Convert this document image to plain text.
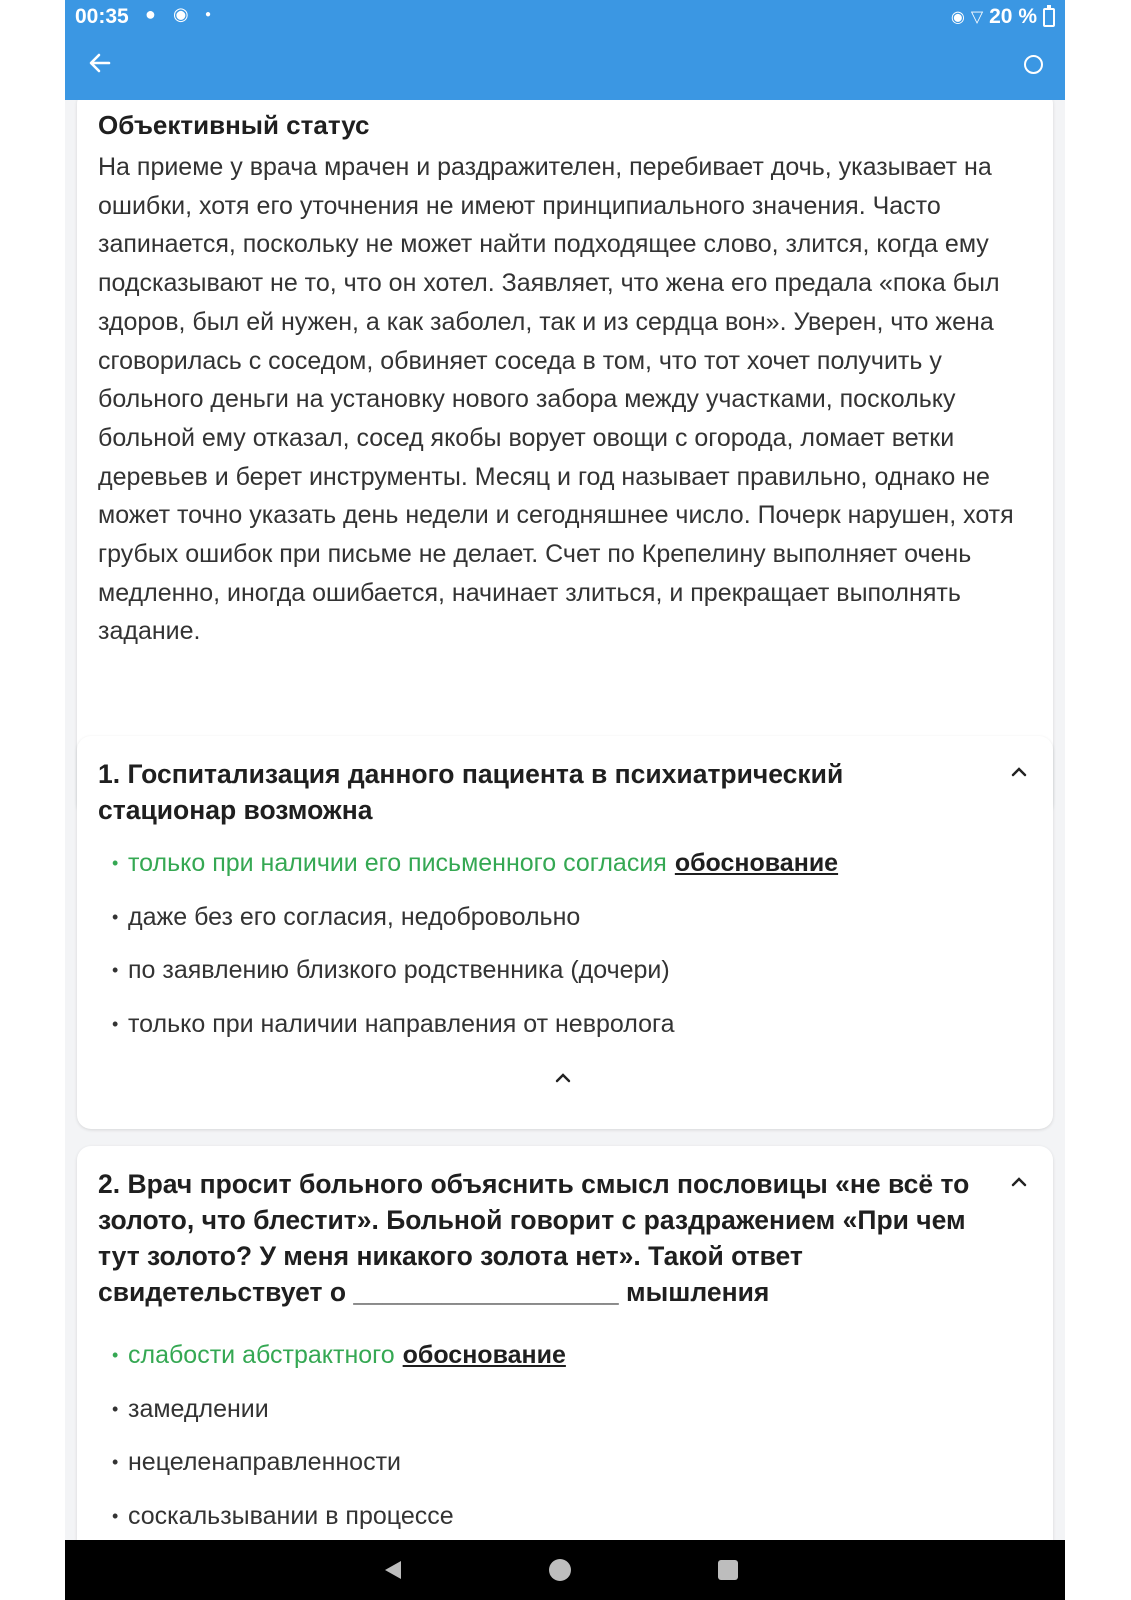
00:35 ● ◉ ●	◉ ▽ 20 %
Объективный статус
На приеме у врача мрачен и раздражителен, перебивает дочь, указывает на ошибки, хотя его уточнения не имеют принципиального значения. Часто запинается, поскольку не может найти подходящее слово, злится, когда ему подсказывают не то, что он хотел. Заявляет, что жена его предала «пока был здоров, был ей нужен, а как заболел, так и из сердца вон». Уверен, что жена сговорилась с соседом, обвиняет соседа в том, что тот хочет получить у больного деньги на установку нового забора между участками, поскольку больной ему отказал, сосед якобы ворует овощи с огорода, ломает ветки деревьев и берет инструменты. Месяц и год называет правильно, однако не может точно указать день недели и сегодняшнее число. Почерк нарушен, хотя грубых ошибок при письме не делает. Счет по Крепелину выполняет очень медленно, иногда ошибается, начинает злиться, и прекращает выполнять задание.
1. Госпитализация данного пациента в психиатрический стационар возможна
• только при наличии его письменного согласия обоснование
• даже без его согласия, недобровольно
• по заявлению близкого родственника (дочери)
• только при наличии направления от невролога
2. Врач просит больного объяснить смысл пословицы «не всё то золото, что блестит». Больной говорит с раздражением «При чем тут золото? У меня никакого золота нет». Такой ответ свидетельствует о __________________ мышления
• слабости абстрактного обоснование
• замедлении
• нецеленаправленности
• соскальзывании в процессе
